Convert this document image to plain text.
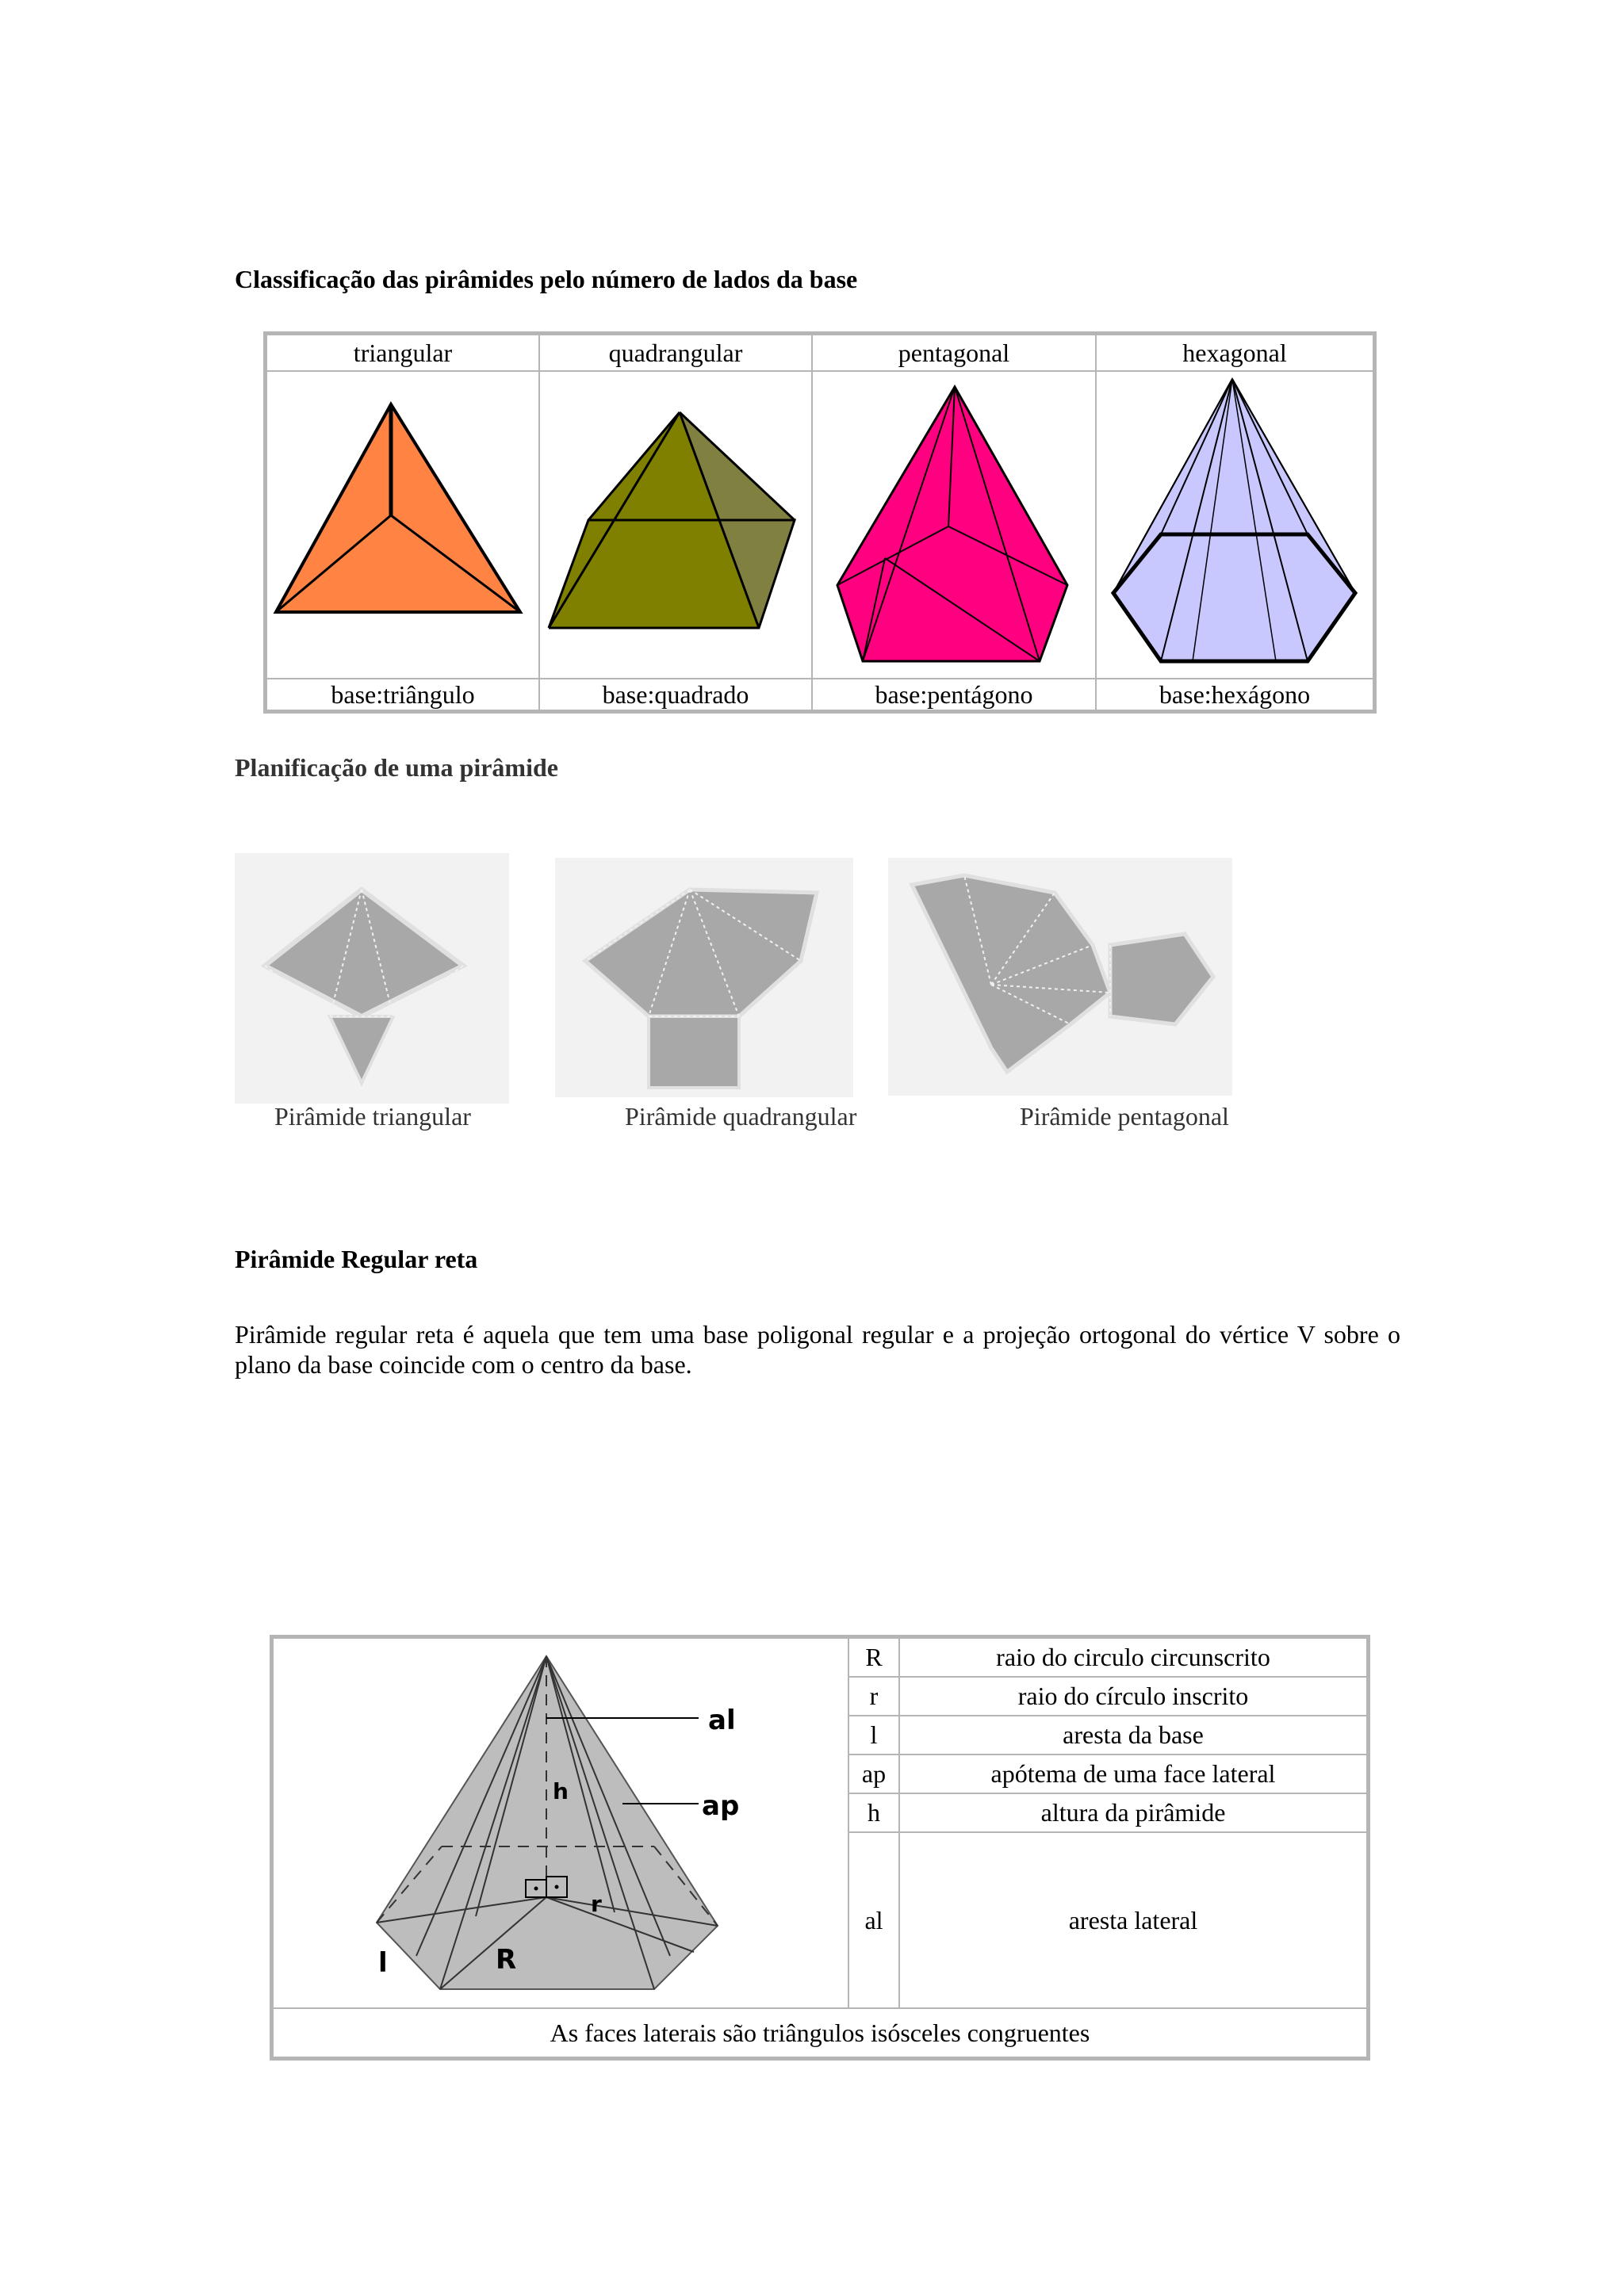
Classificação das pirâmides pelo número de lados da base
triangular	quadrangular	pentagonal	hexagonal
base:triângulo	base:quadrado	base:pentágono	base:hexágono
Planificação de uma pirâmide
Pirâmide triangular	Pirâmide quadrangular	Pirâmide pentagonal
Pirâmide Regular reta
Pirâmide regular reta é aquela que tem uma base poligonal regular e a projeção ortogonal do vértice V sobre o plano da base coincide com o centro da base.
al
ap
h
r
R
l
R	raio do circulo circunscrito
r	raio do círculo inscrito
l	aresta da base
ap	apótema de uma face lateral
h	altura da pirâmide
al	aresta lateral
As faces laterais são triângulos isósceles congruentes
